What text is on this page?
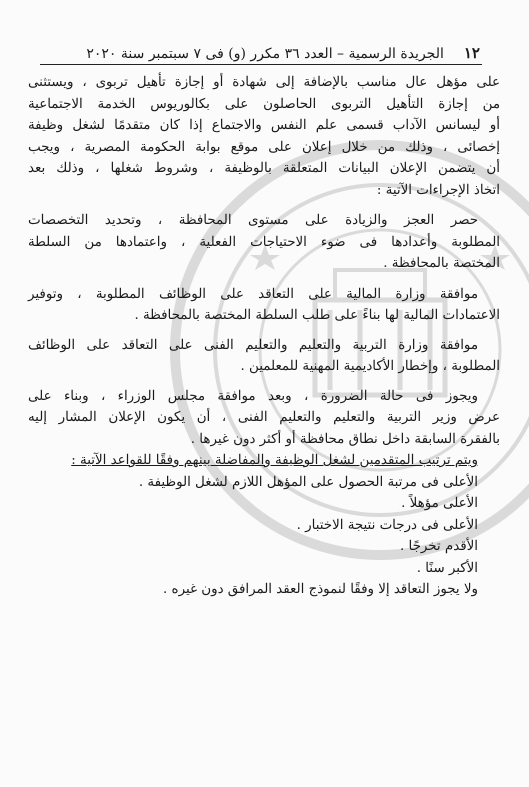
١٢
الجريدة الرسمية – العدد ٣٦ مكرر (و) فى ٧ سبتمبر سنة ٢٠٢٠

على مؤهل عال مناسب بالإضافة إلى شهادة أو إجازة تأهيل تربوى ، ويستثنى

من إجازة التأهيل التربوى الحاصلون على بكالوريوس الخدمة الاجتماعية

أو ليسانس الآداب قسمى علم النفس والاجتماع إذا كان متقدمًا لشغل وظيفة

إخصائى ، وذلك من خلال إعلان على موقع بوابة الحكومة المصرية ، ويجب

أن يتضمن الإعلان البيانات المتعلقة بالوظيفة ، وشروط شغلها ، وذلك بعد

اتخاذ الإجراءات الآتية :

حصر العجز والزيادة على مستوى المحافظة ، وتحديد التخصصات

المطلوبة وأعدادها فى ضوء الاحتياجات الفعلية ، واعتمادها من السلطة

المختصة بالمحافظة .

موافقة وزارة المالية على التعاقد على الوظائف المطلوبة ، وتوفير

الاعتمادات المالية لها بناءً على طلب السلطة المختصة بالمحافظة .

موافقة وزارة التربية والتعليم والتعليم الفنى على التعاقد على الوظائف

المطلوبة ، وإخطار الأكاديمية المهنية للمعلمين .

ويجوز فى حالة الضرورة ، وبعد موافقة مجلس الوزراء ، وبناء على

عرض وزير التربية والتعليم والتعليم الفنى ، أن يكون الإعلان المشار إليه

بالفقرة السابقة داخل نطاق محافظة أو أكثر دون غيرها .

ويتم ترتيب المتقدمين لشغل الوظيفة والمفاضلة بينهم وفقًا للقواعد الآتية :

الأعلى فى مرتبة الحصول على المؤهل اللازم لشغل الوظيفة .

الأعلى مؤهلاً .

الأعلى فى درجات نتيجة الاختبار .

الأقدم تخرجًا .

الأكبر سنًا .

ولا يجوز التعاقد إلا وفقًا لنموذج العقد المرافق دون غيره .
